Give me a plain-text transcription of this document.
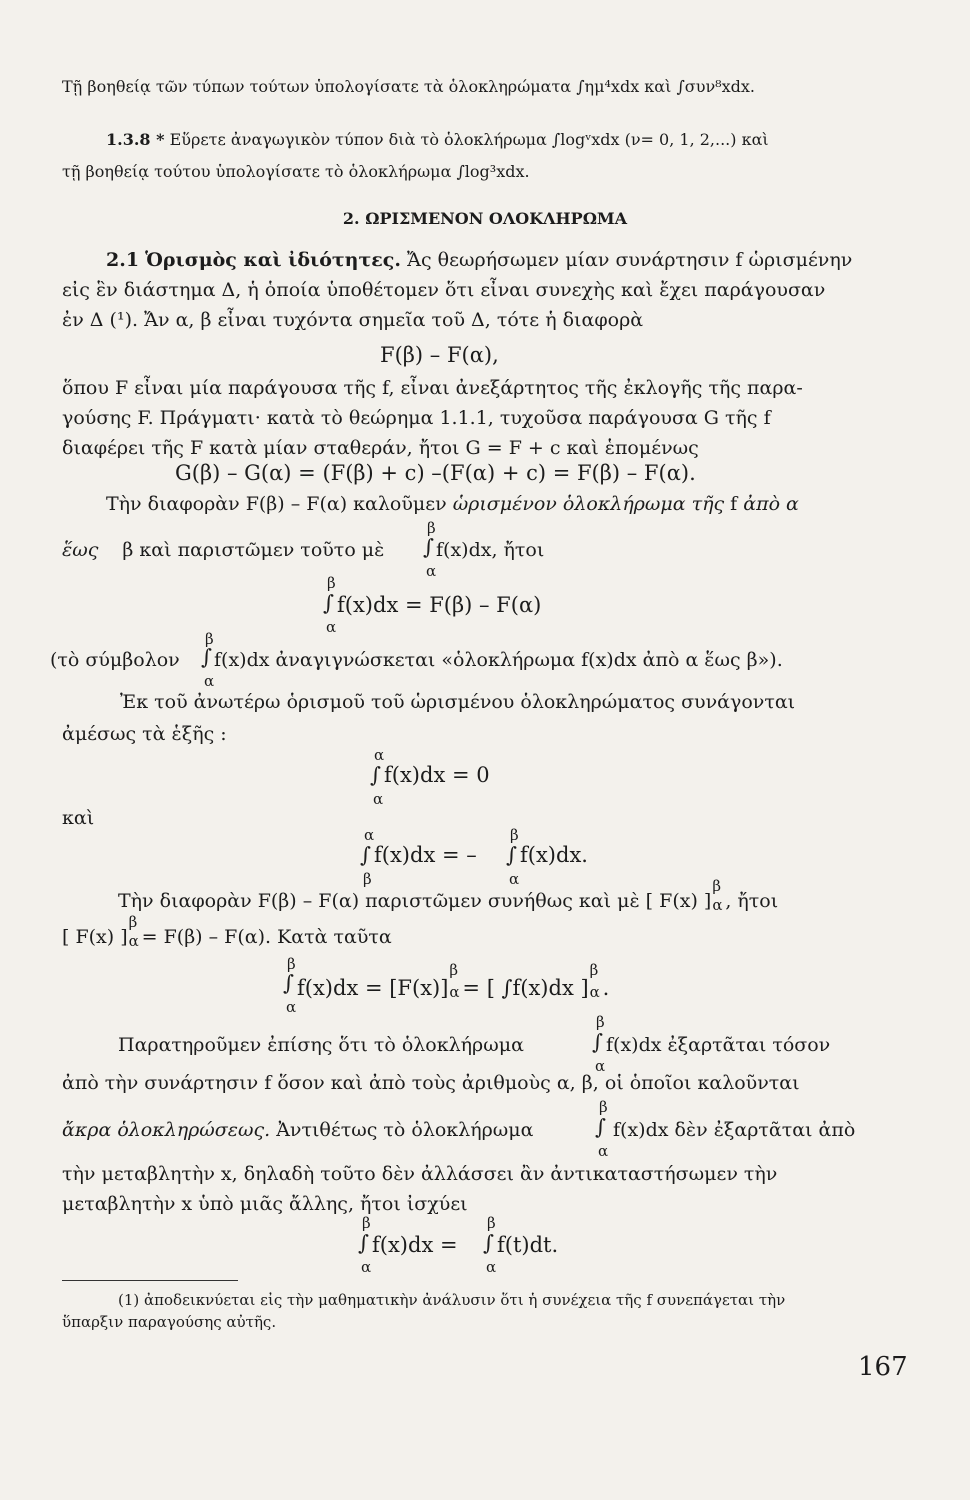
Τῇ βοηθείᾳ τῶν τύπων τούτων ὑπολογίσατε τὰ ὁλοκληρώματα ∫ημ⁴xdx καὶ ∫συν⁸xdx.
1.3.8 * Εὕρετε ἀναγωγικὸν τύπον διὰ τὸ ὁλοκλήρωμα ∫logᵛxdx (ν= 0, 1, 2,...) καὶ
τῇ βοηθείᾳ τούτου ὑπολογίσατε τὸ ὁλοκλήρωμα ∫log³xdx.
2. ΩΡΙΣΜΕΝΟΝ ΟΛΟΚΛΗΡΩΜΑ
2.1 Ὁρισμὸς καὶ ἰδιότητες. Ἄς θεωρήσωμεν μίαν συνάρτησιν f ὡρισμένην
εἰς ἓν διάστημα Δ, ἡ ὁποία ὑποθέτομεν ὅτι εἶναι συνεχὴς καὶ ἔχει παράγουσαν
ἐν Δ (¹). Ἄν α, β εἶναι τυχόντα σημεῖα τοῦ Δ, τότε ἡ διαφορὰ
F(β) – F(α),
ὅπου F εἶναι μία παράγουσα τῆς f, εἶναι ἀνεξάρτητος τῆς ἐκλογῆς τῆς παρα-
γούσης F. Πράγματι· κατὰ τὸ θεώρημα 1.1.1, τυχοῦσα παράγουσα G τῆς f
διαφέρει τῆς F κατὰ μίαν σταθεράν, ἤτοι G = F + c καὶ ἑπομένως
G(β) – G(α) = (F(β) + c) –(F(α) + c) = F(β) – F(α).
Τὴν διαφορὰν F(β) – F(α) καλοῦμεν ὡρισμένον ὁλοκλήρωμα τῆς f ἀπὸ α
ἕως β καὶ παριστῶμεν τοῦτο μὲ
β
∫
α
f(x)dx, ἤτοι
β
∫
α
f(x)dx = F(β) – F(α)
(τὸ σύμβολον
β
∫
α
f(x)dx ἀναγιγνώσκεται «ὁλοκλήρωμα f(x)dx ἀπὸ α ἕως β»).
Ἐκ τοῦ ἀνωτέρω ὁρισμοῦ τοῦ ὡρισμένου ὁλοκληρώματος συνάγονται
ἀμέσως τὰ ἑξῆς :
α
∫
α
f(x)dx = 0
καὶ
α
∫
β
f(x)dx = –
β
∫
α
f(x)dx.
Τὴν διαφορὰν F(β) – F(α) παριστῶμεν συνήθως καὶ μὲ [ F(x) ]
β
α , ἤτοι
[ F(x) ]
β
α = F(β) – F(α). Κατὰ ταῦτα
β
∫
α
f(x)dx = [F(x)]
β
α = [ ∫f(x)dx ]
β
α .
Παρατηροῦμεν ἐπίσης ὅτι τὸ ὁλοκλήρωμα
β
∫
α
f(x)dx ἐξαρτᾶται τόσον
ἀπὸ τὴν συνάρτησιν f ὅσον καὶ ἀπὸ τοὺς ἀριθμοὺς α, β, οἱ ὁποῖοι καλοῦνται
ἄκρα ὁλοκληρώσεως. Ἀντιθέτως τὸ ὁλοκλήρωμα
β
∫
α
f(x)dx δὲν ἐξαρτᾶται ἀπὸ
τὴν μεταβλητὴν x, δηλαδὴ τοῦτο δὲν ἀλλάσσει ἂν ἀντικαταστήσωμεν τὴν
μεταβλητὴν x ὑπὸ μιᾶς ἄλλης, ἤτοι ἰσχύει
β
∫
α
f(x)dx =
β
∫
α
f(t)dt.
(1) ἀποδεικνύεται εἰς τὴν μαθηματικὴν ἀνάλυσιν ὅτι ἡ συνέχεια τῆς f συνεπάγεται τὴν
ὕπαρξιν παραγούσης αὐτῆς.
167
